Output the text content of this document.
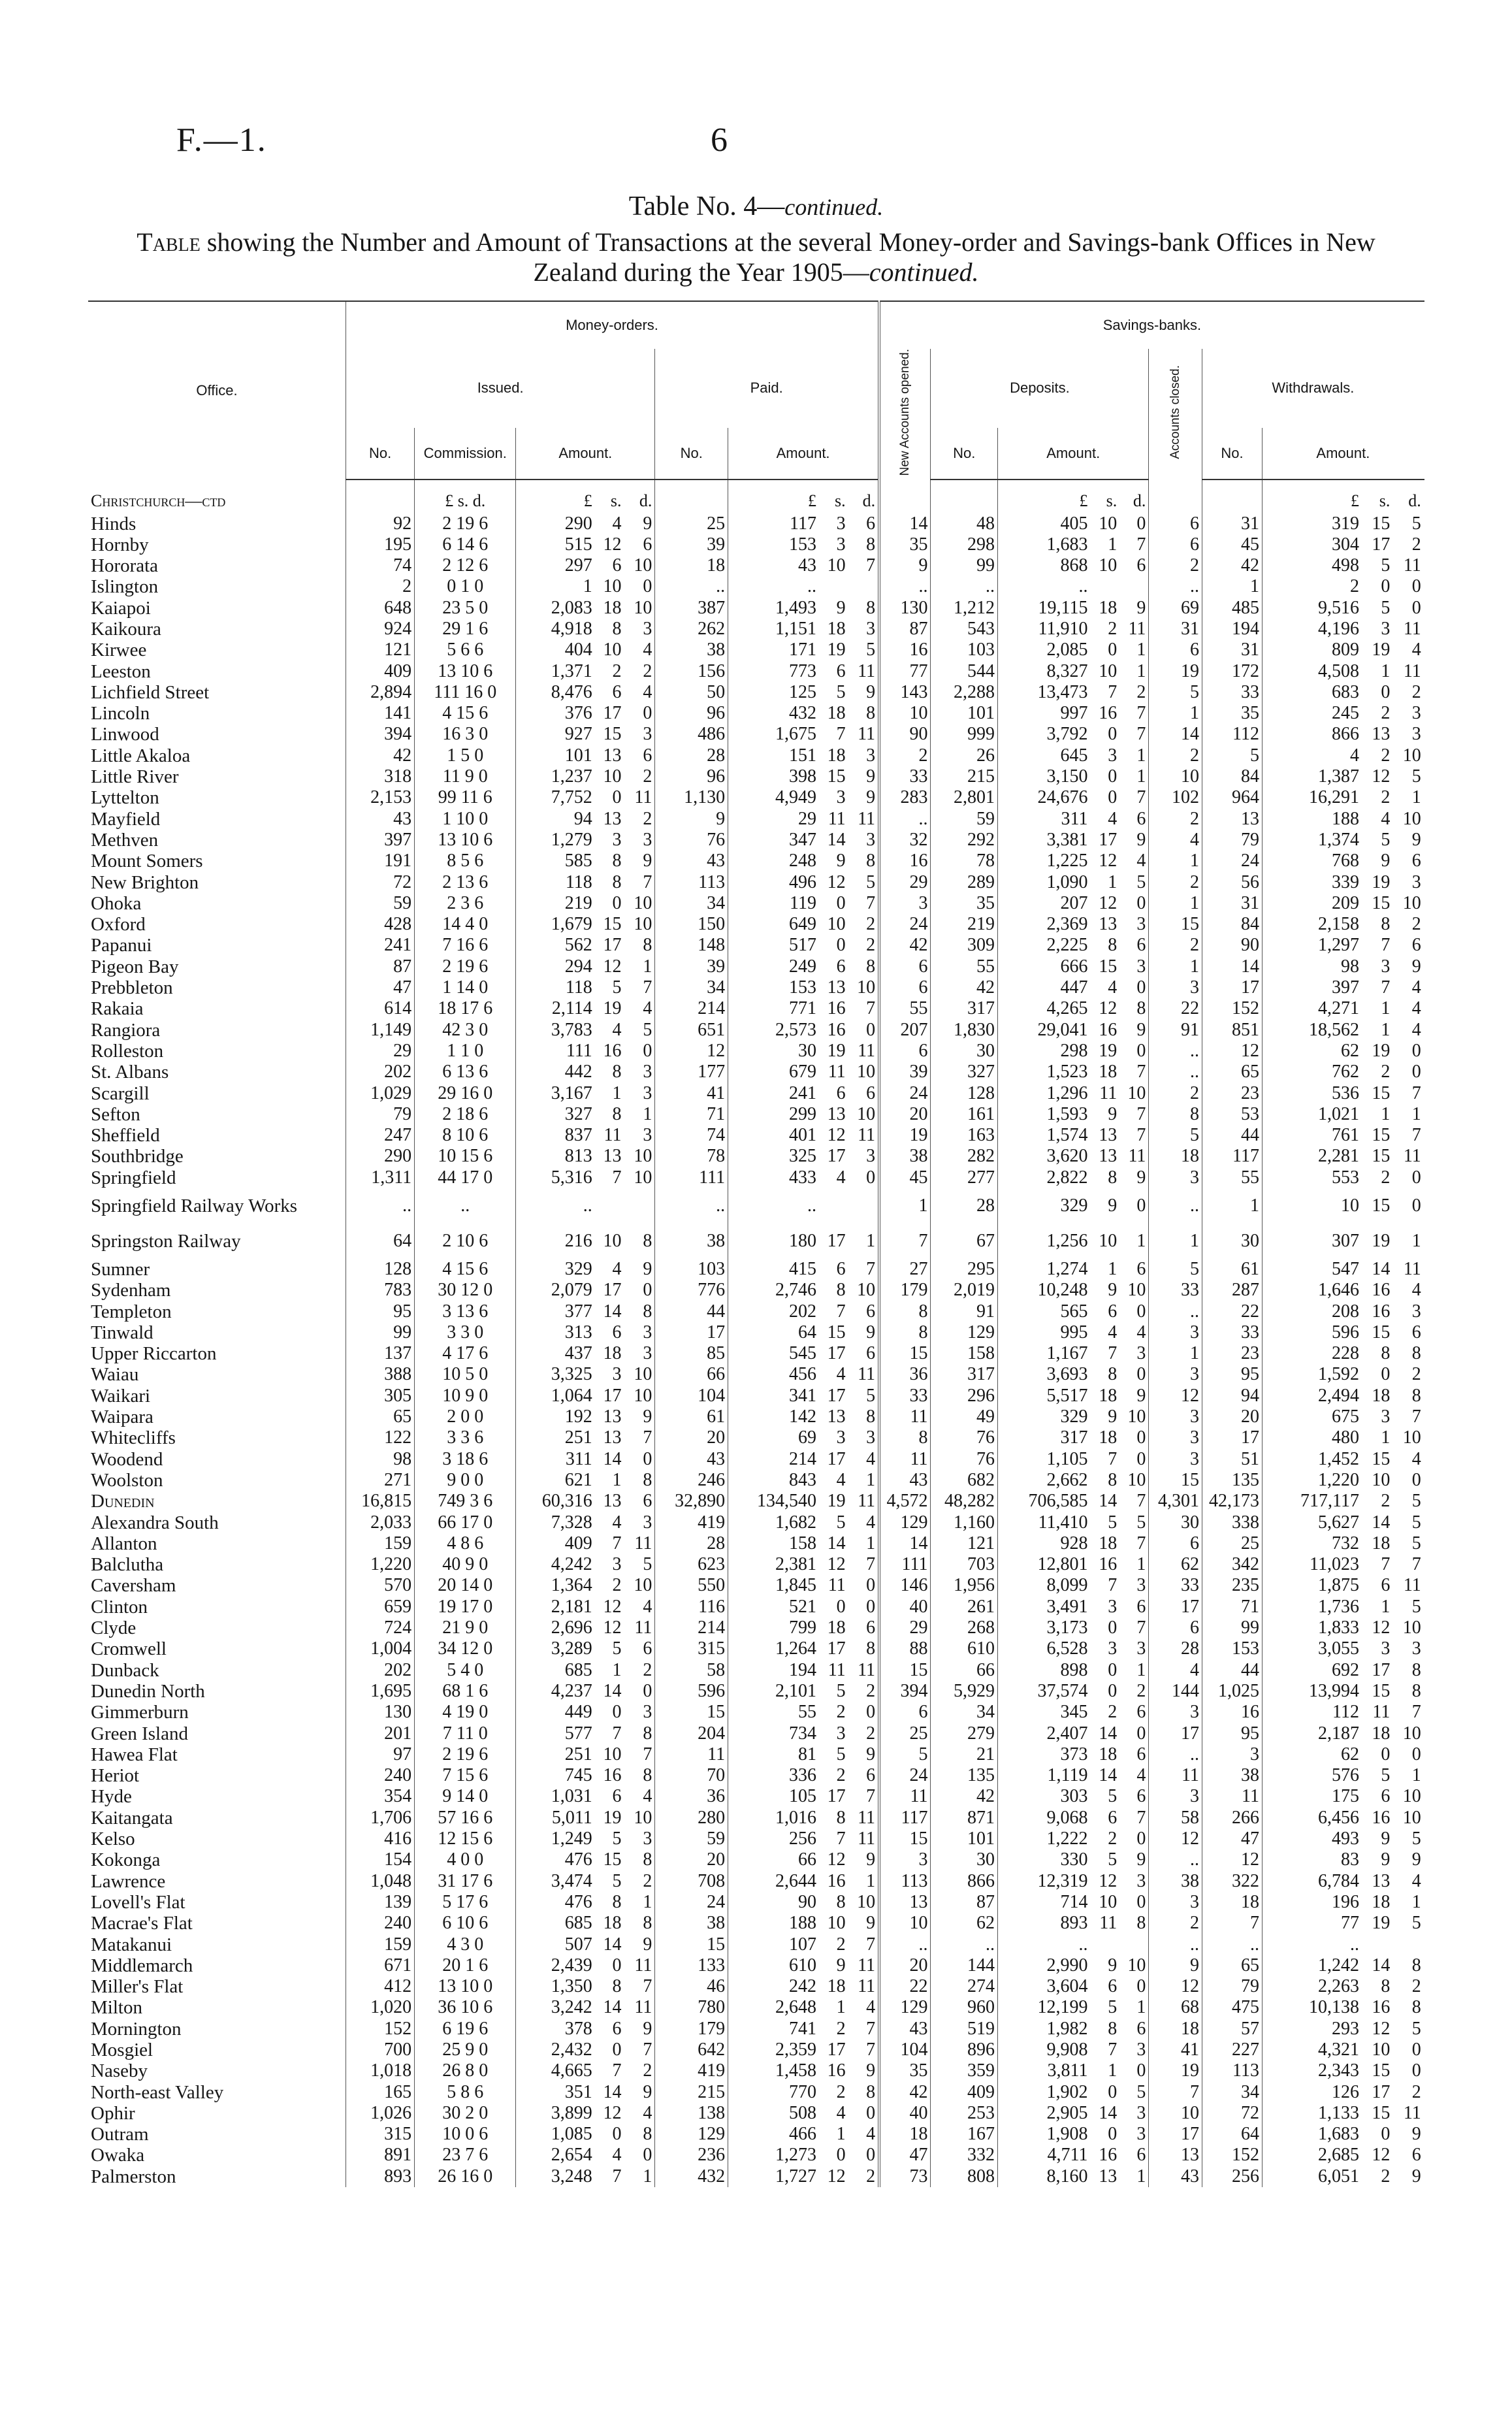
F.—1.	6
Table No. 4—continued.
Table showing the Number and Amount of Transactions at the several Money-order and Savings-bank Offices in New Zealand during the Year 1905—continued.
Office.	Money-orders.									Savings-banks.										
	Issued.					Paid.				New Accounts opened.	Deposits.				Accounts closed.	Withdrawals.				
	No.	Commission.	Amount.			No.	Amount.				No.	Amount.				No.	Amount.			
Christchurch—ctd		£ s. d.	£	s.	d.		£	s.	d.			£	s.	d.			£	s.	d.			
Hinds	92	2 19 6	290	4	9	25	117	3	6	14	48	405	10	0	6	31	319	15	5			
Hornby	195	6 14 6	515	12	6	39	153	3	8	35	298	1,683	1	7	6	45	304	17	2			
Hororata	74	2 12 6	297	6	10	18	43	10	7	9	99	868	10	6	2	42	498	5	11			
Islington	2	0 1 0	1	10	0	..	..			..	..	..			..	1	2	0	0			
Kaiapoi	648	23 5 0	2,083	18	10	387	1,493	9	8	130	1,212	19,115	18	9	69	485	9,516	5	0			
Kaikoura	924	29 1 6	4,918	8	3	262	1,151	18	3	87	543	11,910	2	11	31	194	4,196	3	11			
Kirwee	121	5 6 6	404	10	4	38	171	19	5	16	103	2,085	0	1	6	31	809	19	4			
Leeston	409	13 10 6	1,371	2	2	156	773	6	11	77	544	8,327	10	1	19	172	4,508	1	11			
Lichfield Street	2,894	111 16 0	8,476	6	4	50	125	5	9	143	2,288	13,473	7	2	5	33	683	0	2			
Lincoln	141	4 15 6	376	17	0	96	432	18	8	10	101	997	16	7	1	35	245	2	3			
Linwood	394	16 3 0	927	15	3	486	1,675	7	11	90	999	3,792	0	7	14	112	866	13	3			
Little Akaloa	42	1 5 0	101	13	6	28	151	18	3	2	26	645	3	1	2	5	4	2	10			
Little River	318	11 9 0	1,237	10	2	96	398	15	9	33	215	3,150	0	1	10	84	1,387	12	5			
Lyttelton	2,153	99 11 6	7,752	0	11	1,130	4,949	3	9	283	2,801	24,676	0	7	102	964	16,291	2	1			
Mayfield	43	1 10 0	94	13	2	9	29	11	11	..	59	311	4	6	2	13	188	4	10			
Methven	397	13 10 6	1,279	3	3	76	347	14	3	32	292	3,381	17	9	4	79	1,374	5	9			
Mount Somers	191	8 5 6	585	8	9	43	248	9	8	16	78	1,225	12	4	1	24	768	9	6			
New Brighton	72	2 13 6	118	8	7	113	496	12	5	29	289	1,090	1	5	2	56	339	19	3			
Ohoka	59	2 3 6	219	0	10	34	119	0	7	3	35	207	12	0	1	31	209	15	10			
Oxford	428	14 4 0	1,679	15	10	150	649	10	2	24	219	2,369	13	3	15	84	2,158	8	2			
Papanui	241	7 16 6	562	17	8	148	517	0	2	42	309	2,225	8	6	2	90	1,297	7	6			
Pigeon Bay	87	2 19 6	294	12	1	39	249	6	8	6	55	666	15	3	1	14	98	3	9			
Prebbleton	47	1 14 0	118	5	7	34	153	13	10	6	42	447	4	0	3	17	397	7	4			
Rakaia	614	18 17 6	2,114	19	4	214	771	16	7	55	317	4,265	12	8	22	152	4,271	1	4			
Rangiora	1,149	42 3 0	3,783	4	5	651	2,573	16	0	207	1,830	29,041	16	9	91	851	18,562	1	4			
Rolleston	29	1 1 0	111	16	0	12	30	19	11	6	30	298	19	0	..	12	62	19	0			
St. Albans	202	6 13 6	442	8	3	177	679	11	10	39	327	1,523	18	7	..	65	762	2	0			
Scargill	1,029	29 16 0	3,167	1	3	41	241	6	6	24	128	1,296	11	10	2	23	536	15	7			
Sefton	79	2 18 6	327	8	1	71	299	13	10	20	161	1,593	9	7	8	53	1,021	1	1			
Sheffield	247	8 10 6	837	11	3	74	401	12	11	19	163	1,574	13	7	5	44	761	15	7			
Southbridge	290	10 15 6	813	13	10	78	325	17	3	38	282	3,620	13	11	18	117	2,281	15	11			
Springfield	1,311	44 17 0	5,316	7	10	111	433	4	0	45	277	2,822	8	9	3	55	553	2	0			
Springfield Railway Works	..	..	..			..	..			1	28	329	9	0	..	1	10	15	0			
Springston Railway	64	2 10 6	216	10	8	38	180	17	1	7	67	1,256	10	1	1	30	307	19	1			
Sumner	128	4 15 6	329	4	9	103	415	6	7	27	295	1,274	1	6	5	61	547	14	11			
Sydenham	783	30 12 0	2,079	17	0	776	2,746	8	10	179	2,019	10,248	9	10	33	287	1,646	16	4			
Templeton	95	3 13 6	377	14	8	44	202	7	6	8	91	565	6	0	..	22	208	16	3			
Tinwald	99	3 3 0	313	6	3	17	64	15	9	8	129	995	4	4	3	33	596	15	6			
Upper Riccarton	137	4 17 6	437	18	3	85	545	17	6	15	158	1,167	7	3	1	23	228	8	8			
Waiau	388	10 5 0	3,325	3	10	66	456	4	11	36	317	3,693	8	0	3	95	1,592	0	2			
Waikari	305	10 9 0	1,064	17	10	104	341	17	5	33	296	5,517	18	9	12	94	2,494	18	8			
Waipara	65	2 0 0	192	13	9	61	142	13	8	11	49	329	9	10	3	20	675	3	7			
Whitecliffs	122	3 3 6	251	13	7	20	69	3	3	8	76	317	18	0	3	17	480	1	10			
Woodend	98	3 18 6	311	14	0	43	214	17	4	11	76	1,105	7	0	3	51	1,452	15	4			
Woolston	271	9 0 0	621	1	8	246	843	4	1	43	682	2,662	8	10	15	135	1,220	10	0			
Dunedin	16,815	749 3 6	60,316	13	6	32,890	134,540	19	11	4,572	48,282	706,585	14	7	4,301	42,173	717,117	2	5			
Alexandra South	2,033	66 17 0	7,328	4	3	419	1,682	5	4	129	1,160	11,410	5	5	30	338	5,627	14	5			
Allanton	159	4 8 6	409	7	11	28	158	14	1	14	121	928	18	7	6	25	732	18	5			
Balclutha	1,220	40 9 0	4,242	3	5	623	2,381	12	7	111	703	12,801	16	1	62	342	11,023	7	7			
Caversham	570	20 14 0	1,364	2	10	550	1,845	11	0	146	1,956	8,099	7	3	33	235	1,875	6	11			
Clinton	659	19 17 0	2,181	12	4	116	521	0	0	40	261	3,491	3	6	17	71	1,736	1	5			
Clyde	724	21 9 0	2,696	12	11	214	799	18	6	29	268	3,173	0	7	6	99	1,833	12	10			
Cromwell	1,004	34 12 0	3,289	5	6	315	1,264	17	8	88	610	6,528	3	3	28	153	3,055	3	3			
Dunback	202	5 4 0	685	1	2	58	194	11	11	15	66	898	0	1	4	44	692	17	8			
Dunedin North	1,695	68 1 6	4,237	14	0	596	2,101	5	2	394	5,929	37,574	0	2	144	1,025	13,994	15	8			
Gimmerburn	130	4 19 0	449	0	3	15	55	2	0	6	34	345	2	6	3	16	112	11	7			
Green Island	201	7 11 0	577	7	8	204	734	3	2	25	279	2,407	14	0	17	95	2,187	18	10			
Hawea Flat	97	2 19 6	251	10	7	11	81	5	9	5	21	373	18	6	..	3	62	0	0			
Heriot	240	7 15 6	745	16	8	70	336	2	6	24	135	1,119	14	4	11	38	576	5	1			
Hyde	354	9 14 0	1,031	6	4	36	105	17	7	11	42	303	5	6	3	11	175	6	10			
Kaitangata	1,706	57 16 6	5,011	19	10	280	1,016	8	11	117	871	9,068	6	7	58	266	6,456	16	10			
Kelso	416	12 15 6	1,249	5	3	59	256	7	11	15	101	1,222	2	0	12	47	493	9	5			
Kokonga	154	4 0 0	476	15	8	20	66	12	9	3	30	330	5	9	..	12	83	9	9			
Lawrence	1,048	31 17 6	3,474	5	2	708	2,644	16	1	113	866	12,319	12	3	38	322	6,784	13	4			
Lovell's Flat	139	5 17 6	476	8	1	24	90	8	10	13	87	714	10	0	3	18	196	18	1			
Macrae's Flat	240	6 10 6	685	18	8	38	188	10	9	10	62	893	11	8	2	7	77	19	5			
Matakanui	159	4 3 0	507	14	9	15	107	2	7	..	..	..			..	..	..					
Middlemarch	671	20 1 6	2,439	0	11	133	610	9	11	20	144	2,990	9	10	9	65	1,242	14	8			
Miller's Flat	412	13 10 0	1,350	8	7	46	242	18	11	22	274	3,604	6	0	12	79	2,263	8	2			
Milton	1,020	36 10 6	3,242	14	11	780	2,648	1	4	129	960	12,199	5	1	68	475	10,138	16	8			
Mornington	152	6 19 6	378	6	9	179	741	2	7	43	519	1,982	8	6	18	57	293	12	5			
Mosgiel	700	25 9 0	2,432	0	7	642	2,359	17	7	104	896	9,908	7	3	41	227	4,321	10	0			
Naseby	1,018	26 8 0	4,665	7	2	419	1,458	16	9	35	359	3,811	1	0	19	113	2,343	15	0			
North-east Valley	165	5 8 6	351	14	9	215	770	2	8	42	409	1,902	0	5	7	34	126	17	2			
Ophir	1,026	30 2 0	3,899	12	4	138	508	4	0	40	253	2,905	14	3	10	72	1,133	15	11			
Outram	315	10 0 6	1,085	0	8	129	466	1	4	18	167	1,908	0	3	17	64	1,683	0	9			
Owaka	891	23 7 6	2,654	4	0	236	1,273	0	0	47	332	4,711	16	6	13	152	2,685	12	6			
Palmerston	893	26 16 0	3,248	7	1	432	1,727	12	2	73	808	8,160	13	1	43	256	6,051	2	9			
